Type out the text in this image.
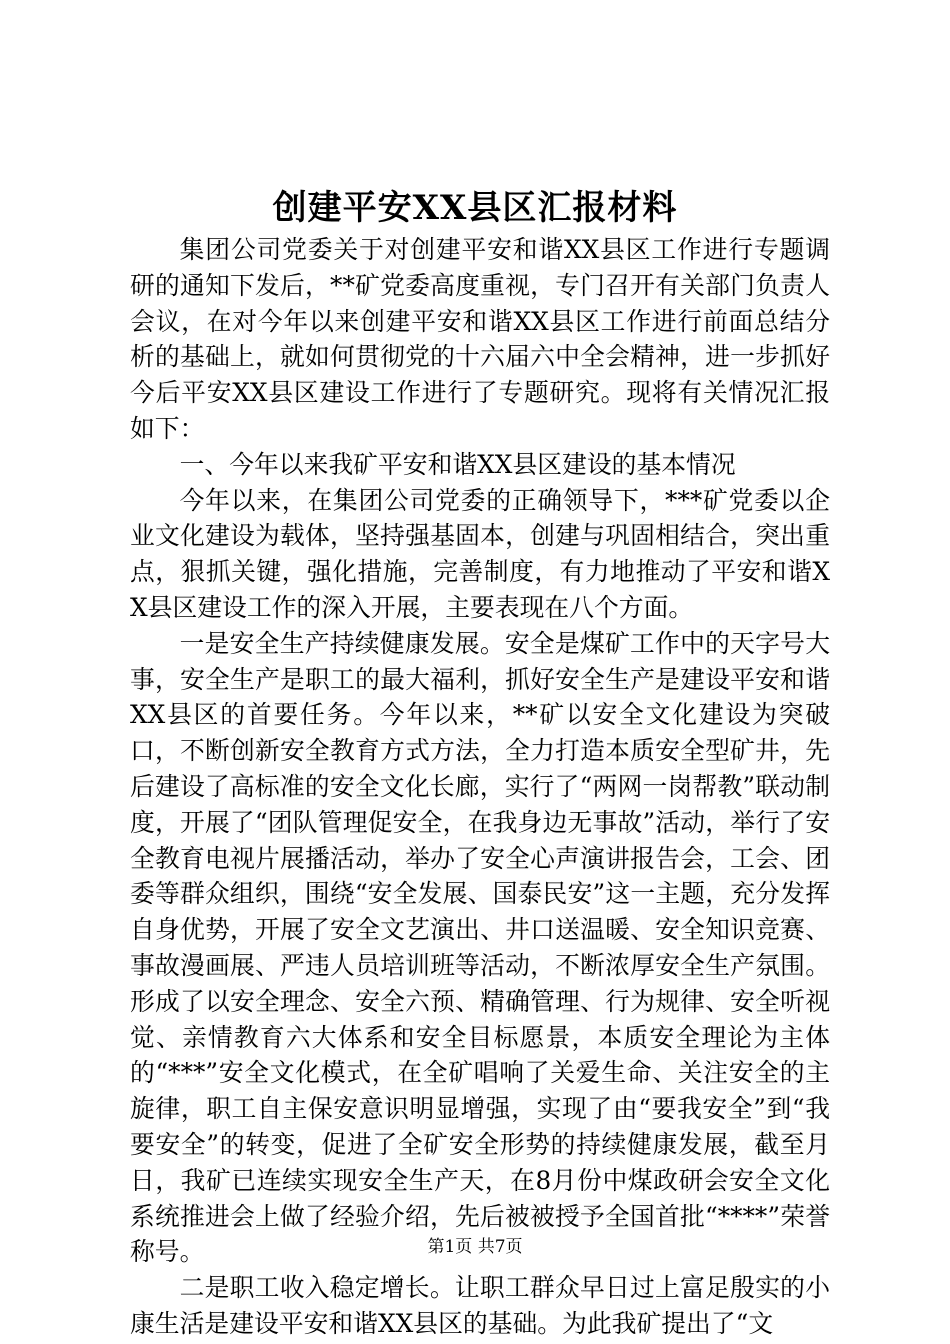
创建平安XX县区汇报材料

集团公司党委关于对创建平安和谐XX县区工作进行专题调研的通知下发后，**矿党委高度重视，专门召开有关部门负责人会议，在对今年以来创建平安和谐XX县区工作进行前面总结分析的基础上，就如何贯彻党的十六届六中全会精神，进一步抓好今后平安XX县区建设工作进行了专题研究。现将有关情况汇报如下：

一、今年以来我矿平安和谐XX县区建设的基本情况

今年以来，在集团公司党委的正确领导下，***矿党委以企业文化建设为载体，坚持强基固本，创建与巩固相结合，突出重点，狠抓关键，强化措施，完善制度，有力地推动了平安和谐XX县区建设工作的深入开展，主要表现在八个方面。

一是安全生产持续健康发展。安全是煤矿工作中的天字号大事，安全生产是职工的最大福利，抓好安全生产是建设平安和谐XX县区的首要任务。今年以来，**矿以安全文化建设为突破口，不断创新安全教育方式方法，全力打造本质安全型矿井，先后建设了高标准的安全文化长廊，实行了“两网一岗帮教”联动制度，开展了“团队管理促安全，在我身边无事故”活动，举行了安全教育电视片展播活动，举办了安全心声演讲报告会，工会、团委等群众组织，围绕“安全发展、国泰民安”这一主题，充分发挥自身优势，开展了安全文艺演出、井口送温暖、安全知识竞赛、事故漫画展、严违人员培训班等活动，不断浓厚安全生产氛围。形成了以安全理念、安全六预、精确管理、行为规律、安全听视觉、亲情教育六大体系和安全目标愿景，本质安全理论为主体的“***”安全文化模式，在全矿唱响了关爱生命、关注安全的主旋律，职工自主保安意识明显增强，实现了由“要我安全”到“我要安全”的转变，促进了全矿安全形势的持续健康发展，截至月日，我矿已连续实现安全生产天，在8月份中煤政研会安全文化系统推进会上做了经验介绍，先后被被授予全国首批“****”荣誉称号。

二是职工收入稳定增长。让职工群众早日过上富足殷实的小康生活是建设平安和谐XX县区的基础。为此我矿提出了“文

第1页 共7页
